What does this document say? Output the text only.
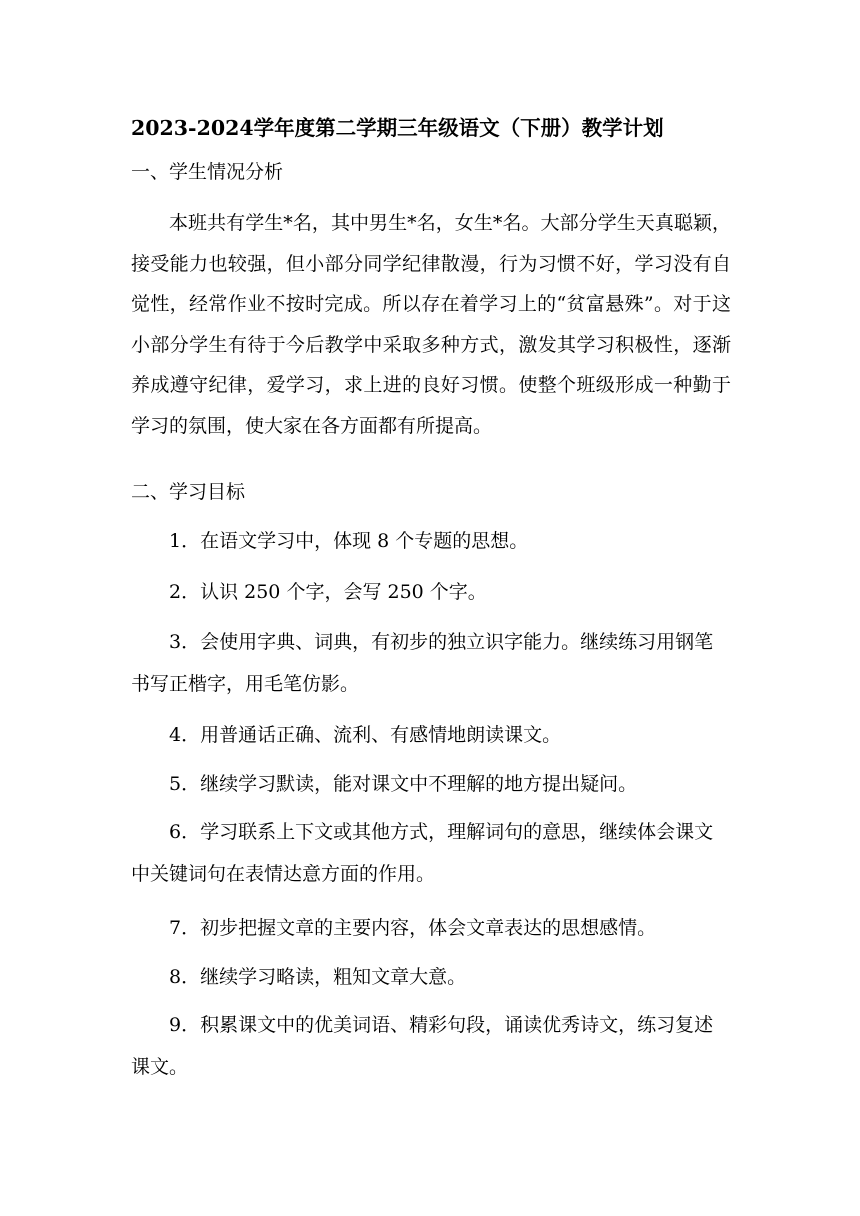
2023-2024学年度第二学期三年级语文（下册）教学计划
一、学生情况分析

本班共有学生*名，其中男生*名，女生*名。大部分学生天真聪颖，接受能力也较强，但小部分同学纪律散漫，行为习惯不好，学习没有自觉性，经常作业不按时完成。所以存在着学习上的“贫富悬殊”。对于这小部分学生有待于今后教学中采取多种方式，激发其学习积极性，逐渐养成遵守纪律，爱学习，求上进的良好习惯。使整个班级形成一种勤于学习的氛围，使大家在各方面都有所提高。

二、学习目标

1．在语文学习中，体现 8 个专题的思想。

2．认识 250 个字，会写 250 个字。

3．会使用字典、词典，有初步的独立识字能力。继续练习用钢笔书写正楷字，用毛笔仿影。

4．用普通话正确、流利、有感情地朗读课文。

5．继续学习默读，能对课文中不理解的地方提出疑问。

6．学习联系上下文或其他方式，理解词句的意思，继续体会课文中关键词句在表情达意方面的作用。

7．初步把握文章的主要内容，体会文章表达的思想感情。

8．继续学习略读，粗知文章大意。

9．积累课文中的优美词语、精彩句段，诵读优秀诗文，练习复述课文。
